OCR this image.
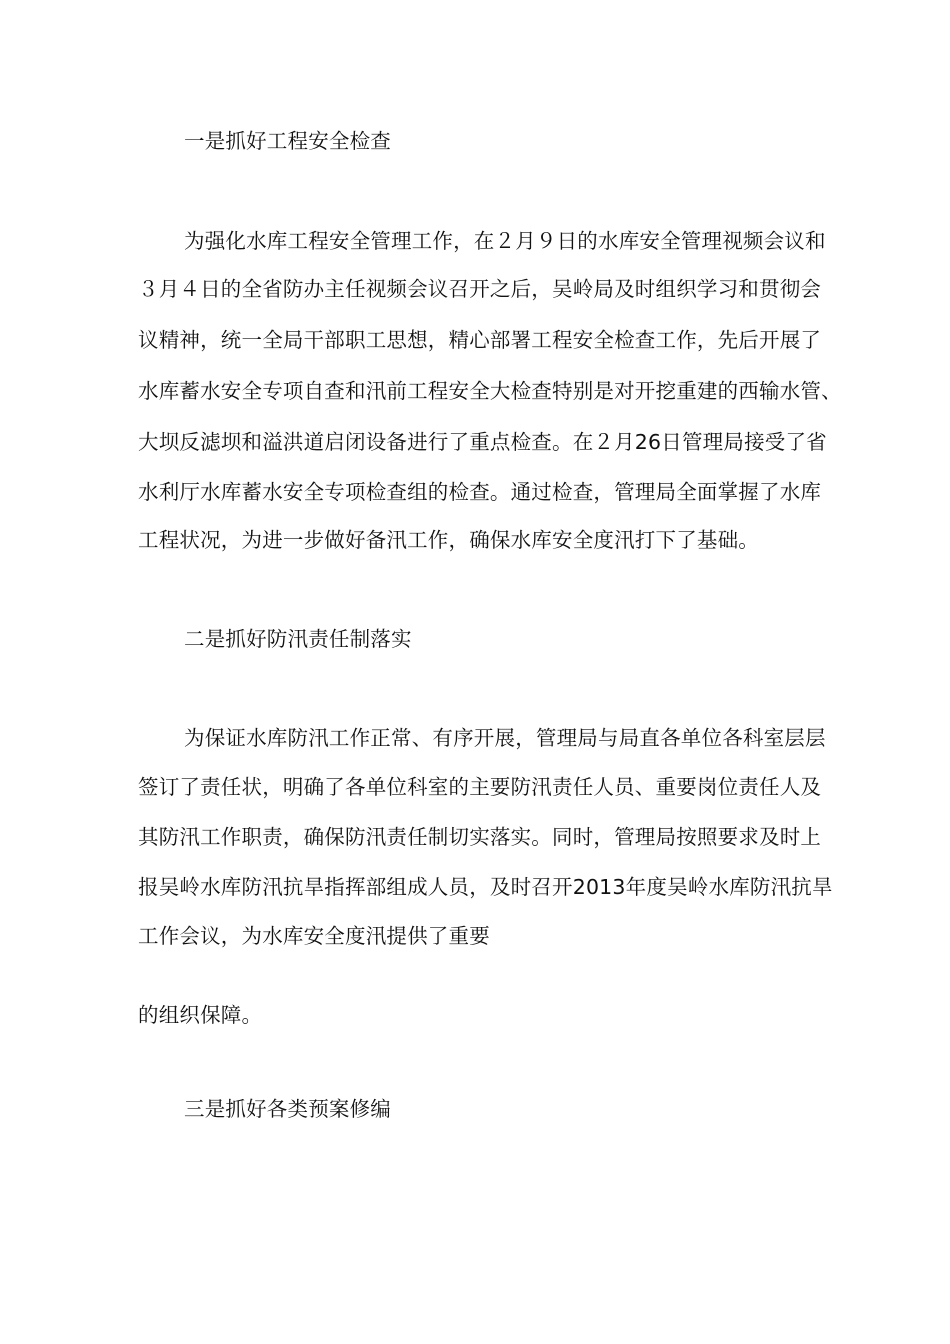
一是抓好工程安全检查
为强化水库工程安全管理工作，在２月９日的水库安全管理视频会议和
３月４日的全省防办主任视频会议召开之后，吴岭局及时组织学习和贯彻会
议精神，统一全局干部职工思想，精心部署工程安全检查工作，先后开展了
水库蓄水安全专项自查和汛前工程安全大检查特别是对开挖重建的西输水管、
大坝反滤坝和溢洪道启闭设备进行了重点检查。在２月26日管理局接受了省
水利厅水库蓄水安全专项检查组的检查。通过检查，管理局全面掌握了水库
工程状况，为进一步做好备汛工作，确保水库安全度汛打下了基础。
二是抓好防汛责任制落实
为保证水库防汛工作正常、有序开展，管理局与局直各单位各科室层层
签订了责任状，明确了各单位科室的主要防汛责任人员、重要岗位责任人及
其防汛工作职责，确保防汛责任制切实落实。同时，管理局按照要求及时上
报吴岭水库防汛抗旱指挥部组成人员，及时召开2013年度吴岭水库防汛抗旱
工作会议，为水库安全度汛提供了重要
的组织保障。
三是抓好各类预案修编
